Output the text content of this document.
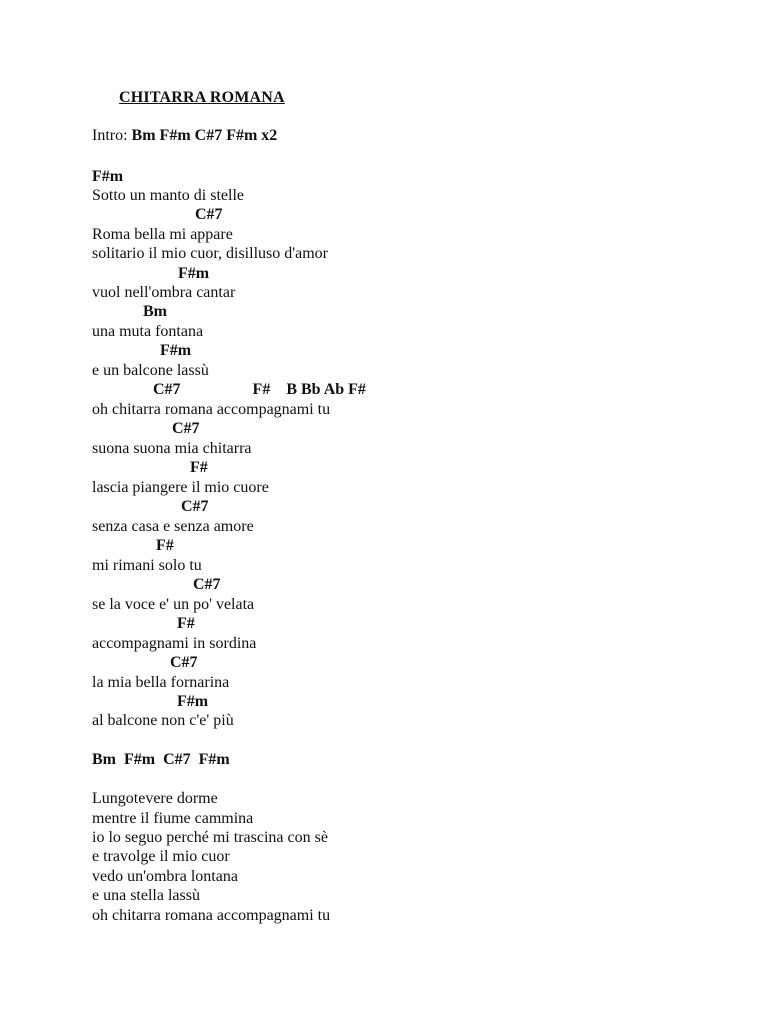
CHITARRA ROMANA
Intro: Bm F#m C#7 F#m x2
F#m
Sotto un manto di stelle
C#7
Roma bella mi appare
solitario il mio cuor, disilluso d'amor
F#m
vuol nell'ombra cantar
Bm
una muta fontana
F#m
e un balcone lassù
C#7                  F#    B Bb Ab F#
oh chitarra romana accompagnami tu
C#7
suona suona mia chitarra
F#
lascia piangere il mio cuore
C#7
senza casa e senza amore
F#
mi rimani solo tu
C#7
se la voce e' un po' velata
F#
accompagnami in sordina
C#7
la mia bella fornarina
F#m
al balcone non c'e' più
Bm  F#m  C#7  F#m
Lungotevere dorme
mentre il fiume cammina
io lo seguo perché mi trascina con sè
e travolge il mio cuor
vedo un'ombra lontana
e una stella lassù
oh chitarra romana accompagnami tu
